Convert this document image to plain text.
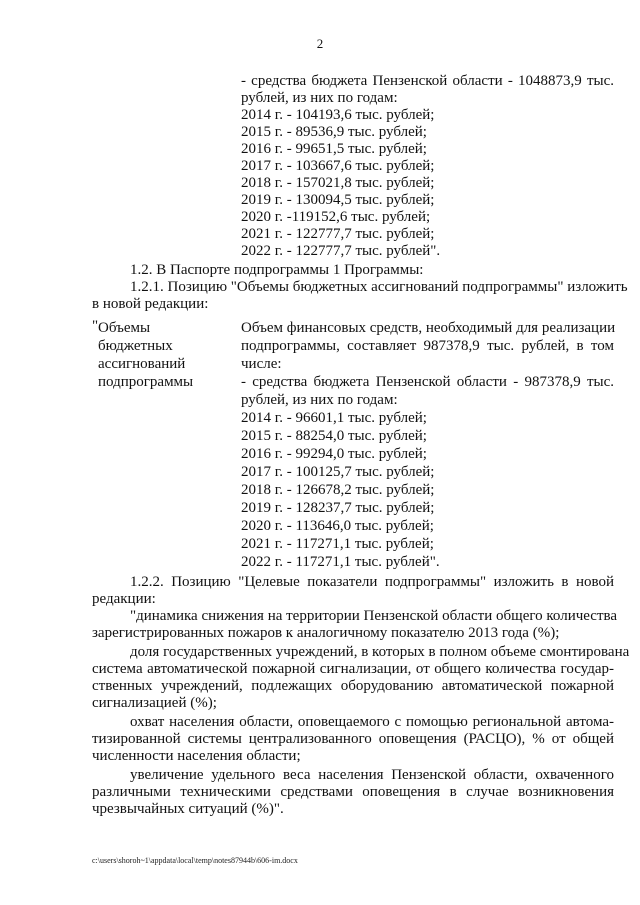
2
- средства бюджета Пензенской области - 1048873,9 тыс.
рублей, из них по годам:
2014 г. - 104193,6 тыс. рублей;
2015 г. - 89536,9 тыс. рублей;
2016 г. - 99651,5 тыс. рублей;
2017 г. - 103667,6 тыс. рублей;
2018 г. - 157021,8 тыс. рублей;
2019 г. - 130094,5 тыс. рублей;
2020 г. -119152,6 тыс. рублей;
2021 г. - 122777,7 тыс. рублей;
2022 г. - 122777,7 тыс. рублей".
1.2. В Паспорте подпрограммы 1 Программы:
1.2.1. Позицию "Объемы бюджетных ассигнований подпрограммы" изложить
в новой редакции:
" Объемы
бюджетных
ассигнований
подпрограммы
Объем финансовых средств, необходимый для реализации
подпрограммы, составляет 987378,9 тыс. рублей, в том
числе:
- средства бюджета Пензенской области - 987378,9 тыс.
рублей, из них по годам:
2014 г. - 96601,1 тыс. рублей;
2015 г. - 88254,0 тыс. рублей;
2016 г. - 99294,0 тыс. рублей;
2017 г. - 100125,7 тыс. рублей;
2018 г. - 126678,2 тыс. рублей;
2019 г. - 128237,7 тыс. рублей;
2020 г. - 113646,0 тыс. рублей;
2021 г. - 117271,1 тыс. рублей;
2022 г. - 117271,1 тыс. рублей".
1.2.2. Позицию "Целевые показатели подпрограммы" изложить в новой
редакции:
"динамика снижения на территории Пензенской области общего количества
зарегистрированных пожаров к аналогичному показателю 2013 года (%);
доля государственных учреждений, в которых в полном объеме смонтирована
система автоматической пожарной сигнализации, от общего количества государ-
ственных учреждений, подлежащих оборудованию автоматической пожарной
сигнализацией (%);
охват населения области, оповещаемого с помощью региональной автома-
тизированной системы централизованного оповещения (РАСЦО), % от общей
численности населения области;
увеличение удельного веса населения Пензенской области, охваченного
различными техническими средствами оповещения в случае возникновения
чрезвычайных ситуаций (%)".
c:\users\shoroh~1\appdata\local\temp\notes87944b\606-im.docx
